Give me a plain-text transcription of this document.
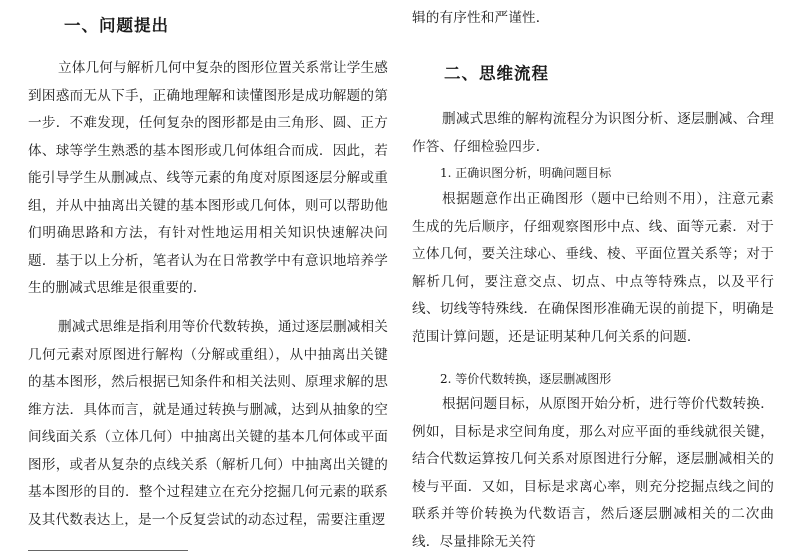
一、问题提出

立体几何与解析几何中复杂的图形位置关系常让学生感到困惑而无从下手，正确地理解和读懂图形是成功解题的第一步．不难发现，任何复杂的图形都是由三角形、圆、正方体、球等学生熟悉的基本图形或几何体组合而成．因此，若能引导学生从删减点、线等元素的角度对原图逐层分解或重组，并从中抽离出关键的基本图形或几何体，则可以帮助他们明确思路和方法，有针对性地运用相关知识快速解决问题．基于以上分析，笔者认为在日常教学中有意识地培养学生的删减式思维是很重要的．

删减式思维是指利用等价代数转换，通过逐层删减相关几何元素对原图进行解构（分解或重组），从中抽离出关键的基本图形，然后根据已知条件和相关法则、原理求解的思维方法．具体而言，就是通过转换与删减，达到从抽象的空间线面关系（立体几何）中抽离出关键的基本几何体或平面图形，或者从复杂的点线关系（解析几何）中抽离出关键的基本图形的目的．整个过程建立在充分挖掘几何元素的联系及其代数表达上，是一个反复尝试的动态过程，需要注重逻

辑的有序性和严谨性．

二、思维流程

删减式思维的解构流程分为识图分析、逐层删减、合理作答、仔细检验四步．

1. 正确识图分析，明确问题目标

根据题意作出正确图形（题中已给则不用），注意元素生成的先后顺序，仔细观察图形中点、线、面等元素．对于立体几何，要关注球心、垂线、棱、平面位置关系等；对于解析几何，要注意交点、切点、中点等特殊点，以及平行线、切线等特殊线．在确保图形准确无误的前提下，明确是范围计算问题，还是证明某种几何关系的问题．

2. 等价代数转换，逐层删减图形

根据问题目标，从原图开始分析，进行等价代数转换．例如，目标是求空间角度，那么对应平面的垂线就很关键，结合代数运算按几何关系对原图进行分解，逐层删减相关的棱与平面．又如，目标是求离心率，则充分挖掘点线之间的联系并等价转换为代数语言，然后逐层删减相关的二次曲线．尽量排除无关符
